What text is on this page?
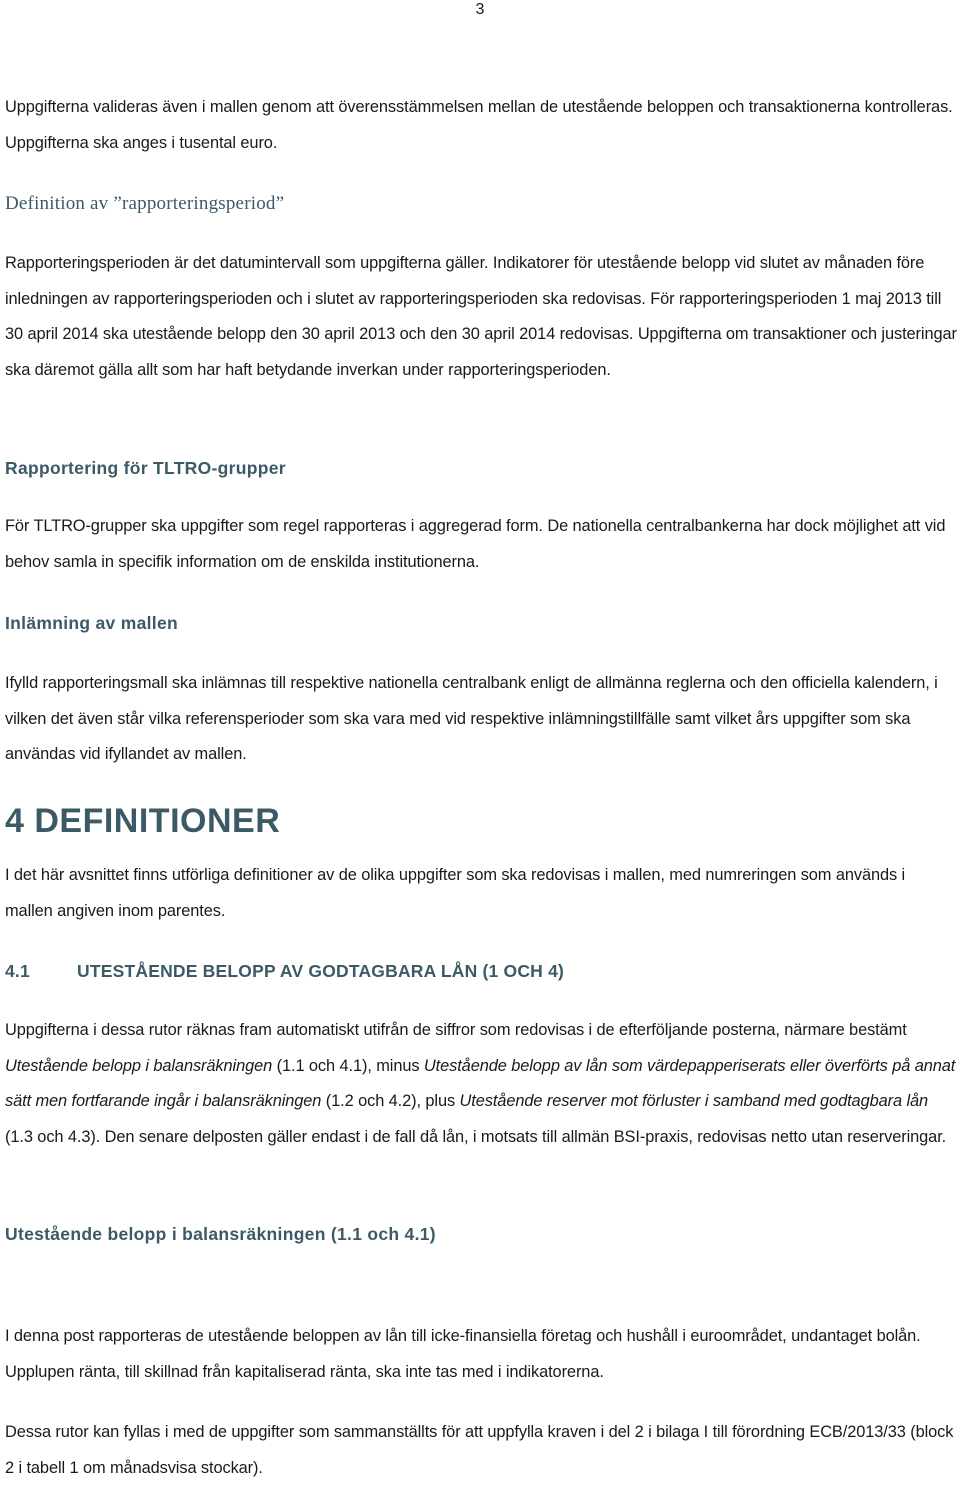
3

Uppgifterna valideras även i mallen genom att överensstämmelsen mellan de utestående beloppen och transaktionerna kontrolleras. Uppgifterna ska anges i tusental euro.

Definition av ”rapporteringsperiod”

Rapporteringsperioden är det datumintervall som uppgifterna gäller. Indikatorer för utestående belopp vid slutet av månaden före inledningen av rapporteringsperioden och i slutet av rapporteringsperioden ska redovisas. För rapporteringsperioden 1 maj 2013 till 30 april 2014 ska utestående belopp den 30 april 2013 och den 30 april 2014 redovisas. Uppgifterna om transaktioner och justeringar ska däremot gälla allt som har haft betydande inverkan under rapporteringsperioden.

Rapportering för TLTRO-grupper

För TLTRO-grupper ska uppgifter som regel rapporteras i aggregerad form. De nationella centralbankerna har dock möjlighet att vid behov samla in specifik information om de enskilda institutionerna.

Inlämning av mallen

Ifylld rapporteringsmall ska inlämnas till respektive nationella centralbank enligt de allmänna reglerna och den officiella kalendern, i vilken det även står vilka referensperioder som ska vara med vid respektive inlämningstillfälle samt vilket års uppgifter som ska användas vid ifyllandet av mallen.

4 DEFINITIONER

I det här avsnittet finns utförliga definitioner av de olika uppgifter som ska redovisas i mallen, med numreringen som används i mallen angiven inom parentes.

4.1	UTESTÅENDE BELOPP AV GODTAGBARA LÅN (1 OCH 4)

Uppgifterna i dessa rutor räknas fram automatiskt utifrån de siffror som redovisas i de efterföljande posterna, närmare bestämt Utestående belopp i balansräkningen (1.1 och 4.1), minus Utestående belopp av lån som värdepapperiserats eller överförts på annat sätt men fortfarande ingår i balansräkningen (1.2 och 4.2), plus Utestående reserver mot förluster i samband med godtagbara lån (1.3 och 4.3). Den senare delposten gäller endast i de fall då lån, i motsats till allmän BSI-praxis, redovisas netto utan reserveringar.

Utestående belopp i balansräkningen (1.1 och 4.1)

I denna post rapporteras de utestående beloppen av lån till icke-finansiella företag och hushåll i euroområdet, undantaget bolån. Upplupen ränta, till skillnad från kapitaliserad ränta, ska inte tas med i indikatorerna.

Dessa rutor kan fyllas i med de uppgifter som sammanställts för att uppfylla kraven i del 2 i bilaga I till förordning ECB/2013/33 (block 2 i tabell 1 om månadsvisa stockar).
